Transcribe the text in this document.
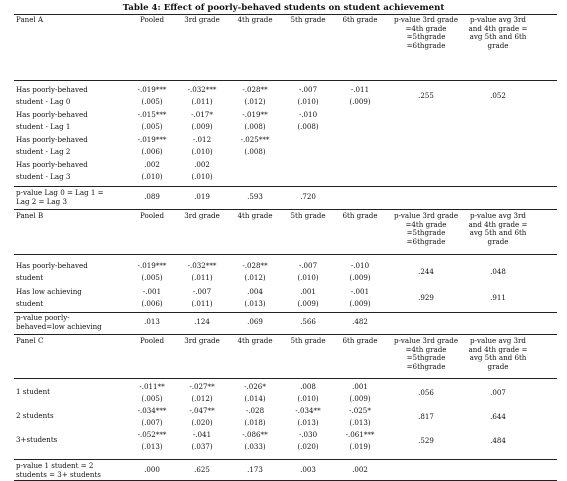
Table 4: Effect of poorly-behaved students on student achievement
Panel A	Pooled	3rd grade	4th grade	5th grade	6th grade	p-value 3rd grade
=4th grade
=5thgrade
=6thgrade
p-value avg 3rd
and 4th grade =
avg 5th and 6th
grade
Has poorly-behaved
student - Lag 0
-.019***	-.032***	-.028**	-.007	-.011
(.005)	(.011)	(.012)	(.010)	(.009)
.255	.052
Has poorly-behaved
student - Lag 1
-.015***	-.017*	-.019**	-.010
(.005)	(.009)	(.008)	(.008)
Has poorly-behaved
student - Lag 2
-.019***	-.012	-.025***
(.006)	(.010)	(.008)
Has poorly-behaved
student - Lag 3
.002	.002
(.010)	(.010)
p-value Lag 0 = Lag 1 =
Lag 2 = Lag 3
.089	.019	.593	.720
Panel B	Pooled	3rd grade	4th grade	5th grade	6th grade	p-value 3rd grade
=4th grade
=5thgrade
=6thgrade
p-value avg 3rd
and 4th grade =
avg 5th and 6th
grade
Has poorly-behaved
student
-.019***	-.032***	-.028**	-.007	-.010
(.005)	(.011)	(.012)	(.010)	(.009)
.244	.048
Has low achieving
student
-.001	-.007	.004	.001	-.001
(.006)	(.011)	(.013)	(.009)	(.009)
.929	.911
p-value poorly-
behaved=low achieving
.013	.124	.069	.566	.482
Panel C	Pooled	3rd grade	4th grade	5th grade	6th grade	p-value 3rd grade
=4th grade
=5thgrade
=6thgrade
p-value avg 3rd
and 4th grade =
avg 5th and 6th
grade
1 student
-.011**	-.027**	-.026*	.008	.001
(.005)	(.012)	(.014)	(.010)	(.009)
.056	.007
2 students
-.034***	-.047**	-.028	-.034**	-.025*
(.007)	(.020)	(.018)	(.013)	(.013)
.817	.644
3+students
-.052***	-.041	-.086**	-.030	-.061***
(.013)	(.037)	(.033)	(.020)	(.019)
.529	.484
p-value 1 student = 2
students = 3+ students
.000	.625	.173	.003	.002
